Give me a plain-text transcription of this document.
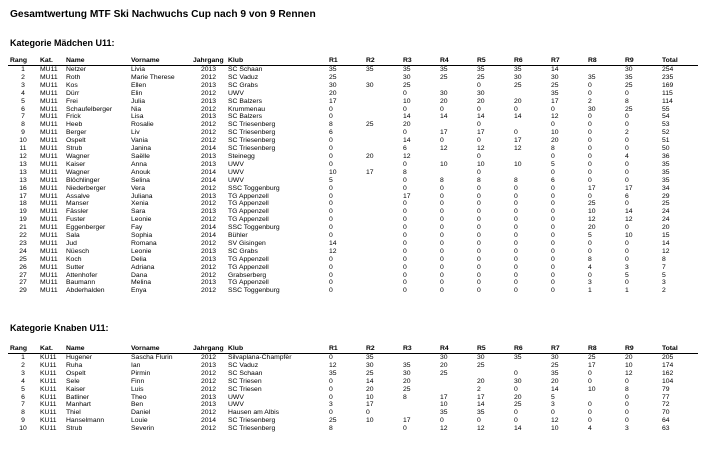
Gesamtwertung MTF Ski Nachwuchs Cup nach 9 von 9 Rennen
Kategorie Mädchen U11:
Rang	Kat.	Name	Vorname	Jahrgang	Klub	R1	R2	R3	R4	R5	R6	R7	R8	R9	Total
1	MU11	Netzer	Livia	2013	SC Schaan	35	35	35	35	35	35	14		30	254
2	MU11	Roth	Marie Therese	2012	SC Vaduz	25		30	25	25	30	30	35	35	235
3	MU11	Kos	Ellen	2013	SC Grabs	30	30	25		0	25	25	0	25	169
4	MU11	Dürr	Elin	2012	UWV	20		0	30	30		35	0	0	115
5	MU11	Frei	Julia	2013	SC Balzers	17		10	20	20	20	17	2	8	114
6	MU11	Schaufelberger	Nia	2012	Krummenau	0		0	0	0	0	0	30	25	55
7	MU11	Frick	Lisa	2013	SC Balzers	0		14	14	14	14	12	0	0	54
8	MU11	Heeb	Rosalie	2012	SC Triesenberg	8	25	20		0		0	0	0	53
9	MU11	Berger	Liv	2012	SC Triesenberg	6		0	17	17	0	10	0	2	52
10	MU11	Ospelt	Vania	2012	SC Triesenberg	0		14	0	0	17	20	0	0	51
11	MU11	Strub	Janina	2014	SC Triesenberg	0		6	12	12	12	8	0	0	50
12	MU11	Wagner	Saëlle	2013	Steinegg	0	20	12		0		0	0	4	36
13	MU11	Kaiser	Anna	2013	UWV	0		0	10	10	10	5	0	0	35
13	MU11	Wagner	Anouk	2014	UWV	10	17	8		0		0	0	0	35
13	MU11	Blöchlinger	Selina	2014	UWV	5		0	8	8	8	6	0	0	35
16	MU11	Niederberger	Vera	2012	SSC Toggenburg	0		0	0	0	0	0	17	17	34
17	MU11	Assalve	Juliana	2013	TG Appenzell	0		17	0	0	0	0	0	6	29
18	MU11	Manser	Xenia	2012	TG Appenzell	0		0	0	0	0	0	25	0	25
19	MU11	Fässler	Sara	2013	TG Appenzell	0		0	0	0	0	0	10	14	24
19	MU11	Fuster	Leonie	2012	TG Appenzell	0		0	0	0	0	0	12	12	24
21	MU11	Eggenberger	Fay	2014	SSC Toggenburg	0		0	0	0	0	0	20	0	20
22	MU11	Sala	Sophia	2014	Bühler	0		0	0	0	0	0	5	10	15
23	MU11	Jud	Romana	2012	SV Gisingen	14		0	0	0	0	0	0	0	14
24	MU11	Nüesch	Leonie	2013	SC Grabs	12		0	0	0	0	0	0	0	12
25	MU11	Koch	Delia	2013	TG Appenzell	0		0	0	0	0	0	8	0	8
26	MU11	Sutter	Adriana	2012	TG Appenzell	0		0	0	0	0	0	4	3	7
27	MU11	Attenhofer	Dana	2012	Grabserberg	0		0	0	0	0	0	0	5	5
27	MU11	Baumann	Melina	2013	TG Appenzell	0		0	0	0	0	0	3	0	3
29	MU11	Abderhalden	Enya	2012	SSC Toggenburg	0		0	0	0	0	0	1	1	2
Kategorie Knaben U11:
Rang	Kat.	Name	Vorname	Jahrgang	Klub	R1	R2	R3	R4	R5	R6	R7	R8	R9	Total
1	KU11	Hugener	Sascha Flurin	2012	Silvaplana-Champfèr	0	35		30	30	35	30	25	20	205
2	KU11	Ruha	Ian	2013	SC Vaduz	12	30	35	20	25		25	17	10	174
3	KU11	Ospelt	Pirmin	2012	SC Schaan	35	25	30	25		0	35	0	12	162
4	KU11	Sele	Finn	2012	SC Triesen	0	14	20		20	30	20	0	0	104
5	KU11	Kaiser	Luis	2012	SC Triesen	0	20	25		2	0	14	10	8	79
6	KU11	Batliner	Theo	2013	UWV	0	10	8	17	17	20	5		0	77
7	KU11	Manhart	Ben	2013	UWV	3	17		10	14	25	3	0	0	72
8	KU11	Thiel	Daniel	2012	Hausen am Albis	0	0		35	35	0	0	0	0	70
9	KU11	Hanselmann	Louie	2014	SC Triesenberg	25	10	17	0	0	0	12	0	0	64
10	KU11	Strub	Severin	2012	SC Triesenberg	8		0	12	12	14	10	4	3	63
